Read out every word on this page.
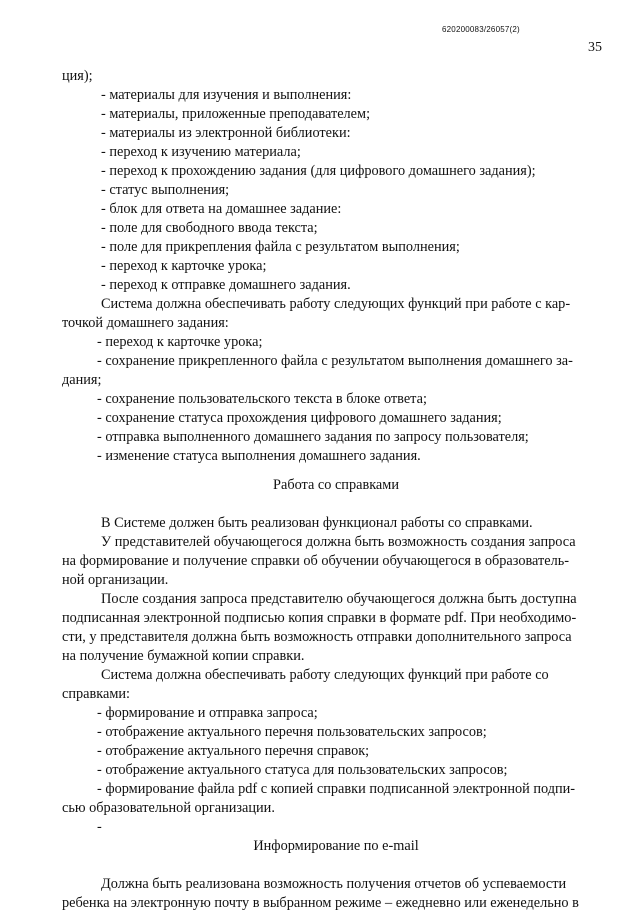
620200083/26057(2)
35
ция);
- материалы для изучения и выполнения:
- материалы, приложенные преподавателем;
- материалы из электронной библиотеки:
- переход к изучению материала;
- переход к прохождению задания (для цифрового домашнего задания);
- статус выполнения;
- блок для ответа на домашнее задание:
- поле для свободного ввода текста;
- поле для прикрепления файла с результатом выполнения;
- переход к карточке урока;
- переход к отправке домашнего задания.
Система должна обеспечивать работу следующих функций при работе с кар-
точкой домашнего задания:
- переход к карточке урока;
- сохранение прикрепленного файла с результатом выполнения домашнего за-
дания;
- сохранение пользовательского текста в блоке ответа;
- сохранение статуса прохождения цифрового домашнего задания;
- отправка выполненного домашнего задания по запросу пользователя;
- изменение статуса выполнения домашнего задания.
Работа со справками
В Системе должен быть реализован функционал работы со справками.
У представителей обучающегося должна быть возможность создания запроса
на формирование и получение справки об обучении обучающегося в образователь-
ной организации.
После создания запроса представителю обучающегося должна быть доступна
подписанная электронной подписью копия справки в формате pdf. При необходимо-
сти, у представителя должна быть возможность отправки дополнительного запроса
на получение бумажной копии справки.
Система должна обеспечивать работу следующих функций при работе со
справками:
- формирование и отправка запроса;
- отображение актуального перечня пользовательских запросов;
- отображение актуального перечня справок;
- отображение актуального статуса для пользовательских запросов;
- формирование файла pdf с копией справки подписанной электронной подпи-
сью образовательной организации.
-
Информирование по e-mail
Должна быть реализована возможность получения отчетов об успеваемости
ребенка на электронную почту в выбранном режиме – ежедневно или еженедельно в
